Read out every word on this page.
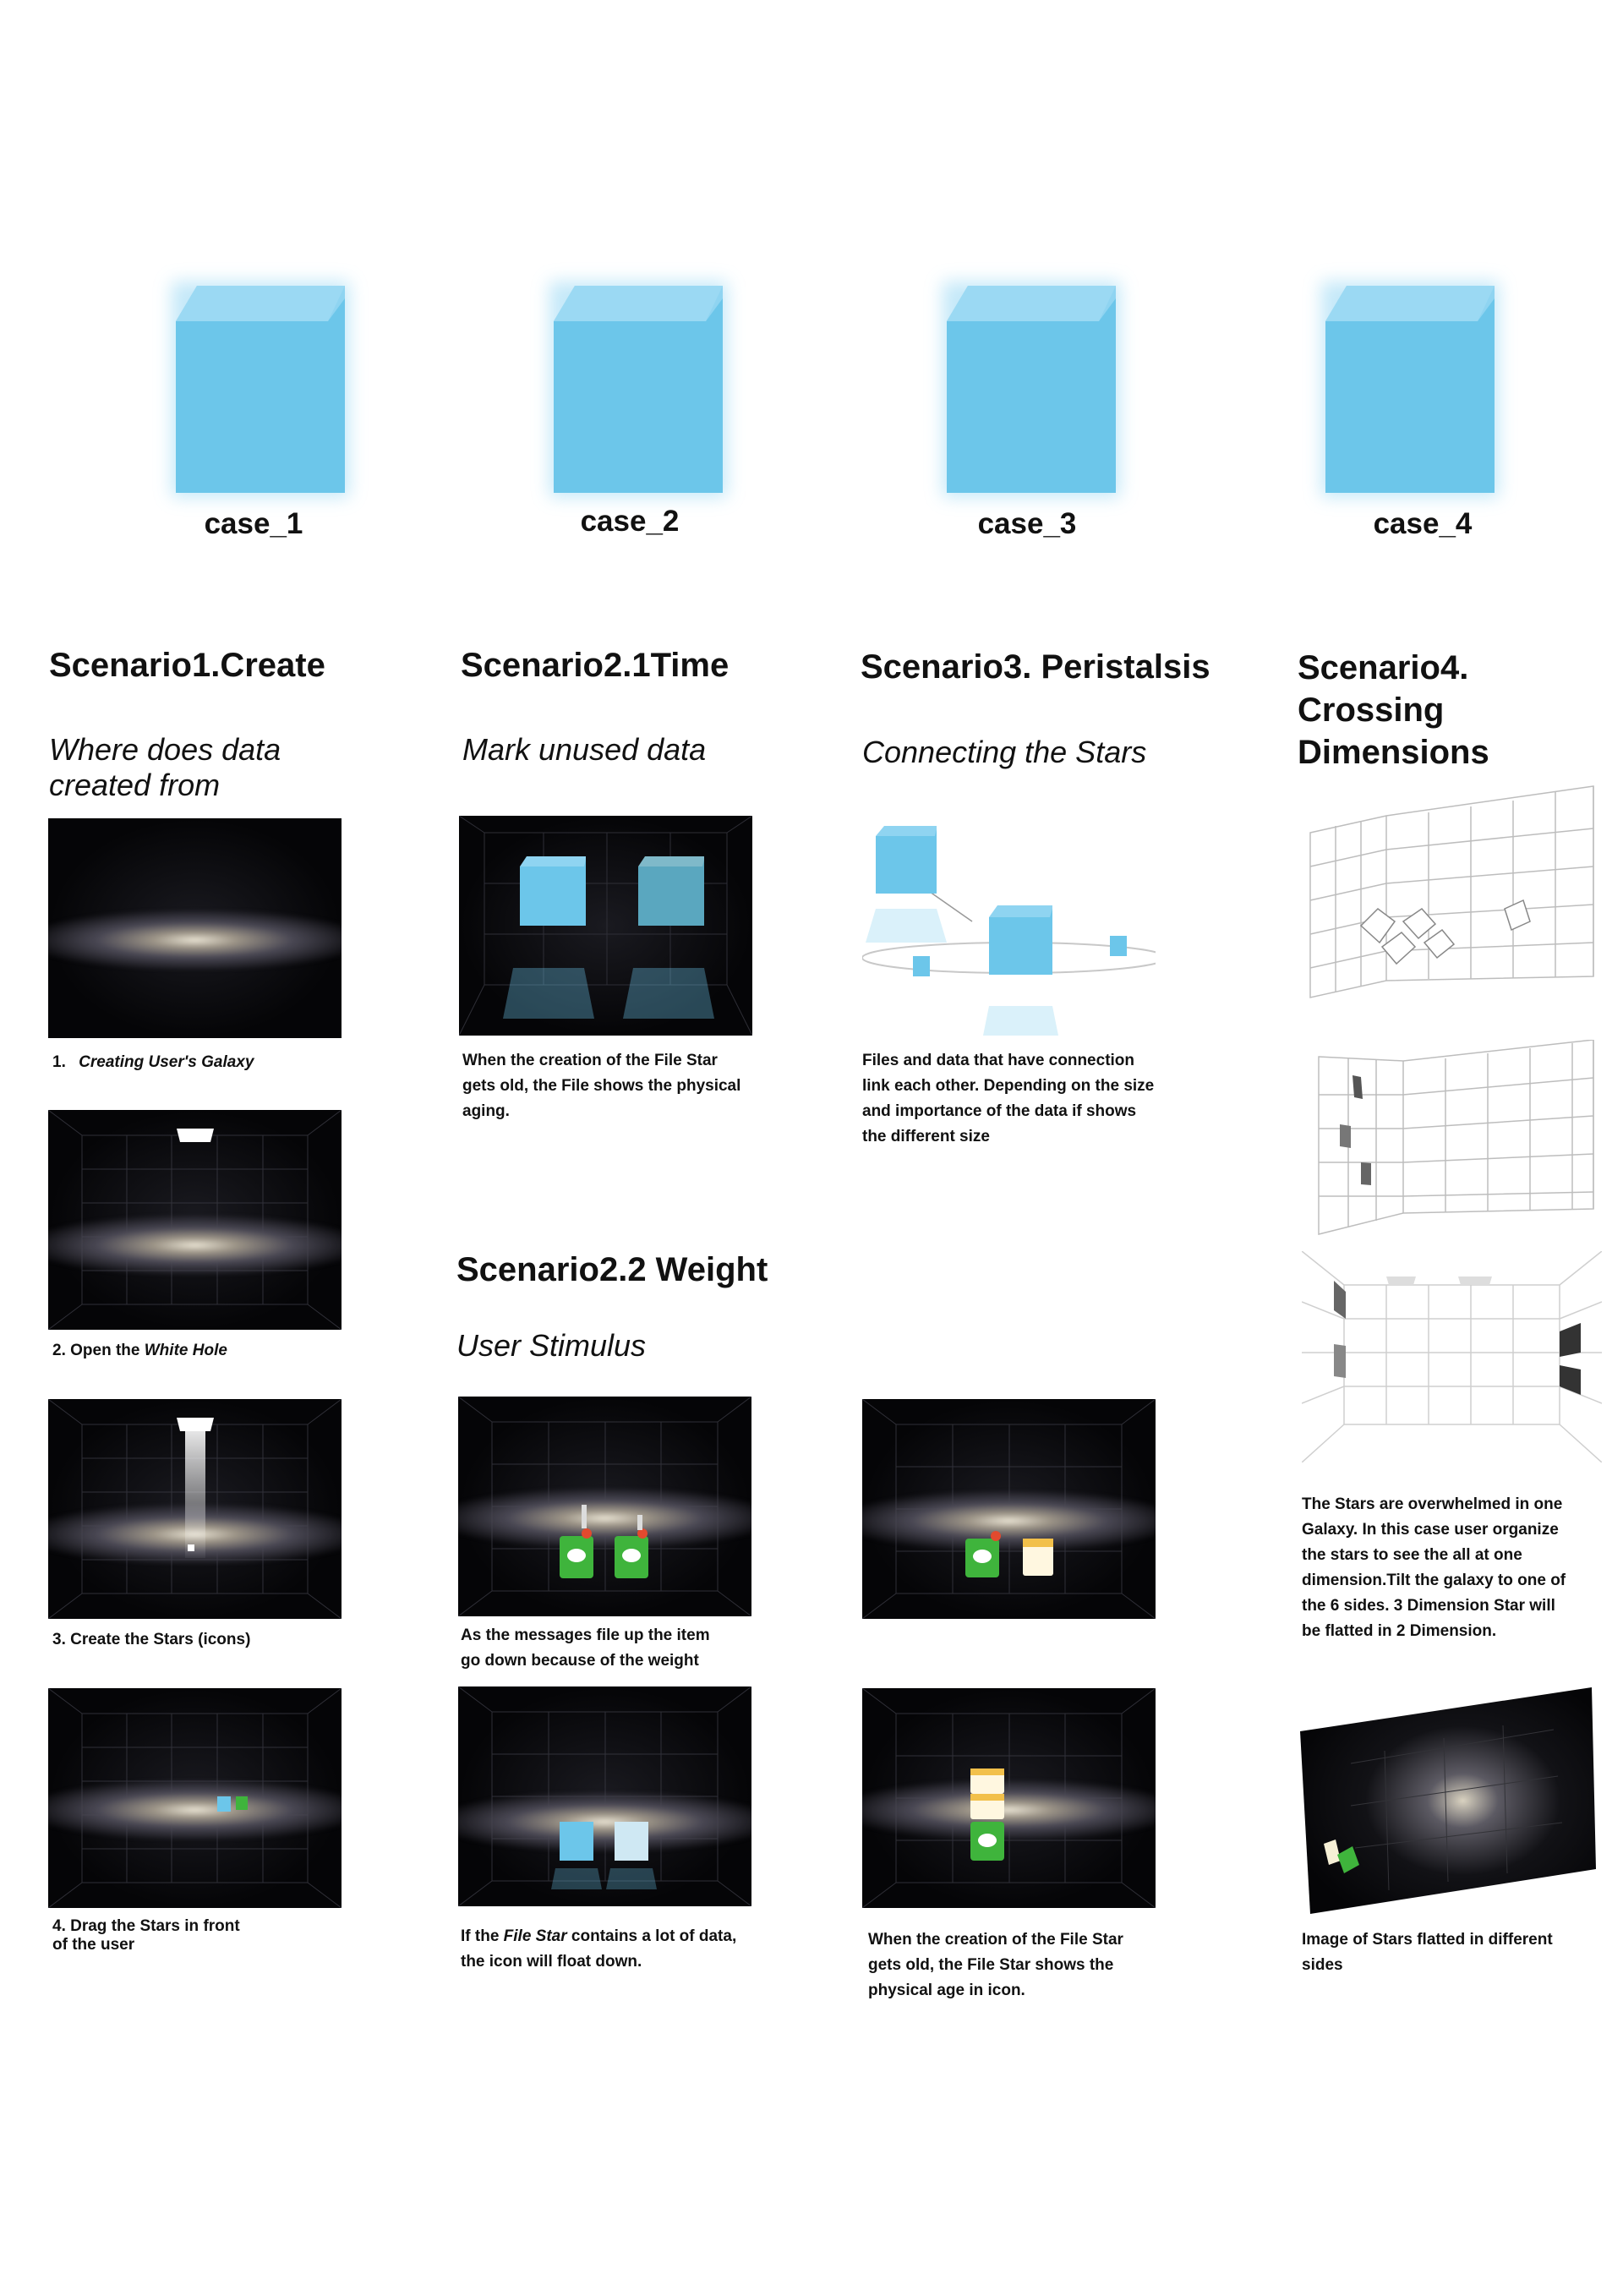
case_1	case_2	case_3	case_4
Scenario1.Create
Where does data
created from
1. Creating User's Galaxy
2. Open the White Hole
3. Create the Stars (icons)
4. Drag the Stars in front
of the user
Scenario2.1Time
Mark unused data
When the creation of the File Star
gets old, the File shows the physical
aging.
Scenario2.2 Weight
User Stimulus
As the messages file up the item
go down because of the weight
If the File Star contains a lot of data,
the icon will float down.
Scenario3. Peristalsis
Connecting the Stars
Files and data that have connection
link each other. Depending on the size
and importance of the data if shows
the different size
When the creation of the File Star
gets old, the File Star shows the
physical age in icon.
Scenario4.
Crossing
Dimensions
The Stars are overwhelmed in one
Galaxy. In this case user organize
the stars to see the all at one
dimension.Tilt the galaxy to one of
the 6 sides. 3 Dimension Star will
be flatted in 2 Dimension.
Image of Stars flatted in different
sides
